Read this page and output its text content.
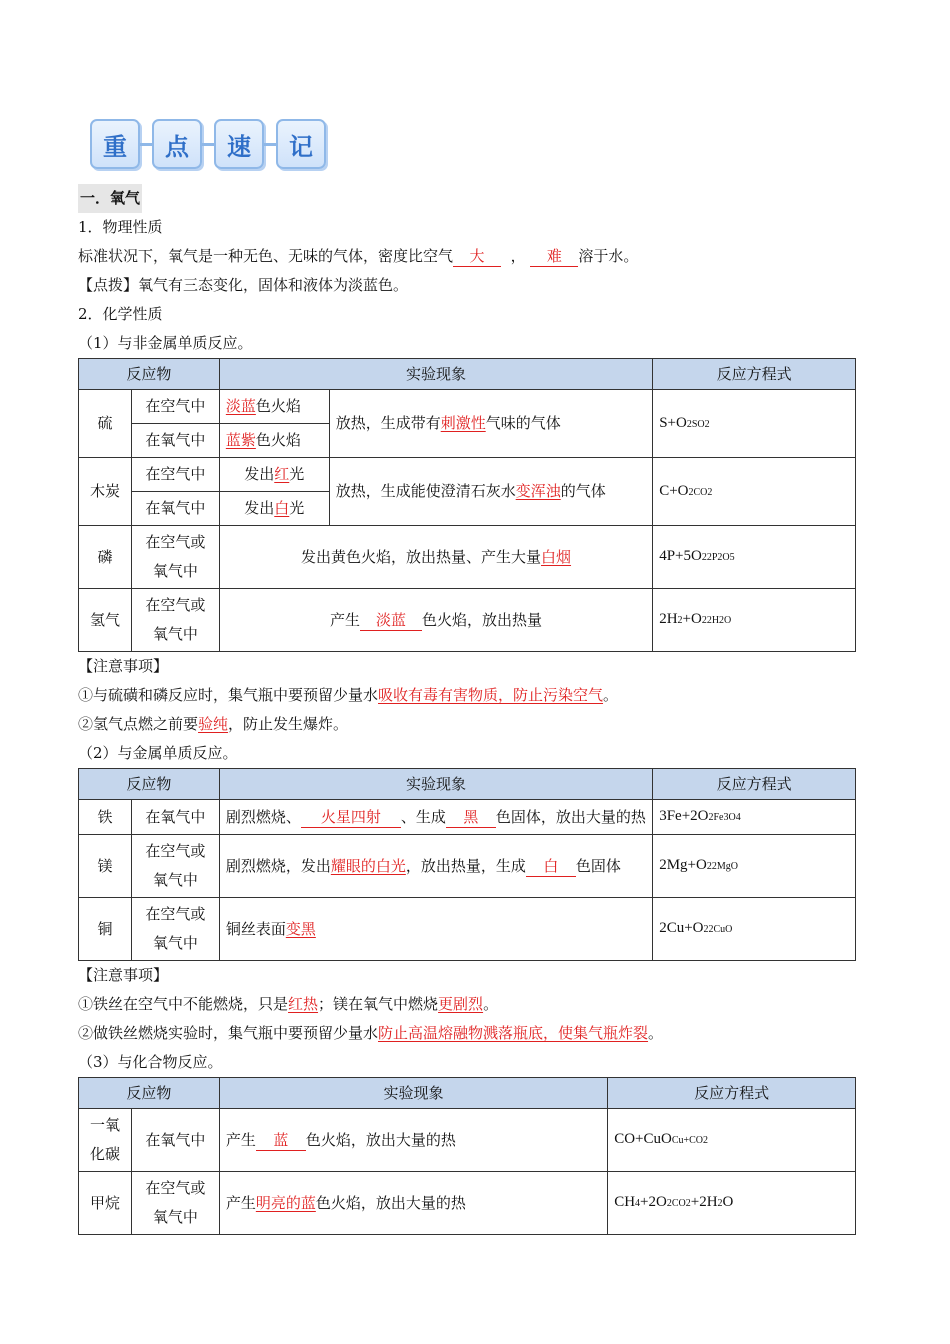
重	点	速	记

一．氧气

1．物理性质

标准状况下，氧气是一种无色、无味的气体，密度比空气 大 ， 难 溶于水。

【点拨】氧气有三态变化，固体和液体为淡蓝色。

2．化学性质

（1）与非金属单质反应。

反应物		实验现象		反应方程式
硫	在空气中	淡蓝色火焰	放热，生成带有刺激性气味的气体	S+O2SO2
	在氧气中	蓝紫色火焰		
木炭	在空气中	发出红光	放热，生成能使澄清石灰水变浑浊的气体	C+O2CO2
	在氧气中	发出白光		
磷	在空气或氧气中	发出黄色火焰，放出热量、产生大量白烟		4P+5O22P2O5
氢气	在空气或氧气中	产生 淡蓝 色火焰，放出热量		2H2+O22H2O

【注意事项】

①与硫磺和磷反应时，集气瓶中要预留少量水吸收有毒有害物质，防止污染空气。

②氢气点燃之前要验纯，防止发生爆炸。

（2）与金属单质反应。

反应物		实验现象	反应方程式
铁	在氧气中	剧烈燃烧、 火星四射 、生成 黑 色固体，放出大量的热	3Fe+2O2Fe3O4
镁	在空气或氧气中	剧烈燃烧，发出耀眼的白光，放出热量，生成 白 色固体	2Mg+O22MgO
铜	在空气或氧气中	铜丝表面变黑	2Cu+O22CuO

【注意事项】

①铁丝在空气中不能燃烧，只是红热；镁在氧气中燃烧更剧烈。

②做铁丝燃烧实验时，集气瓶中要预留少量水防止高温熔融物溅落瓶底，使集气瓶炸裂。

（3）与化合物反应。

反应物		实验现象	反应方程式
一氧化碳	在氧气中	产生 蓝 色火焰，放出大量的热	CO+CuOCu+CO2
甲烷	在空气或氧气中	产生明亮的蓝色火焰，放出大量的热	CH4+2O2CO2+2H2O
